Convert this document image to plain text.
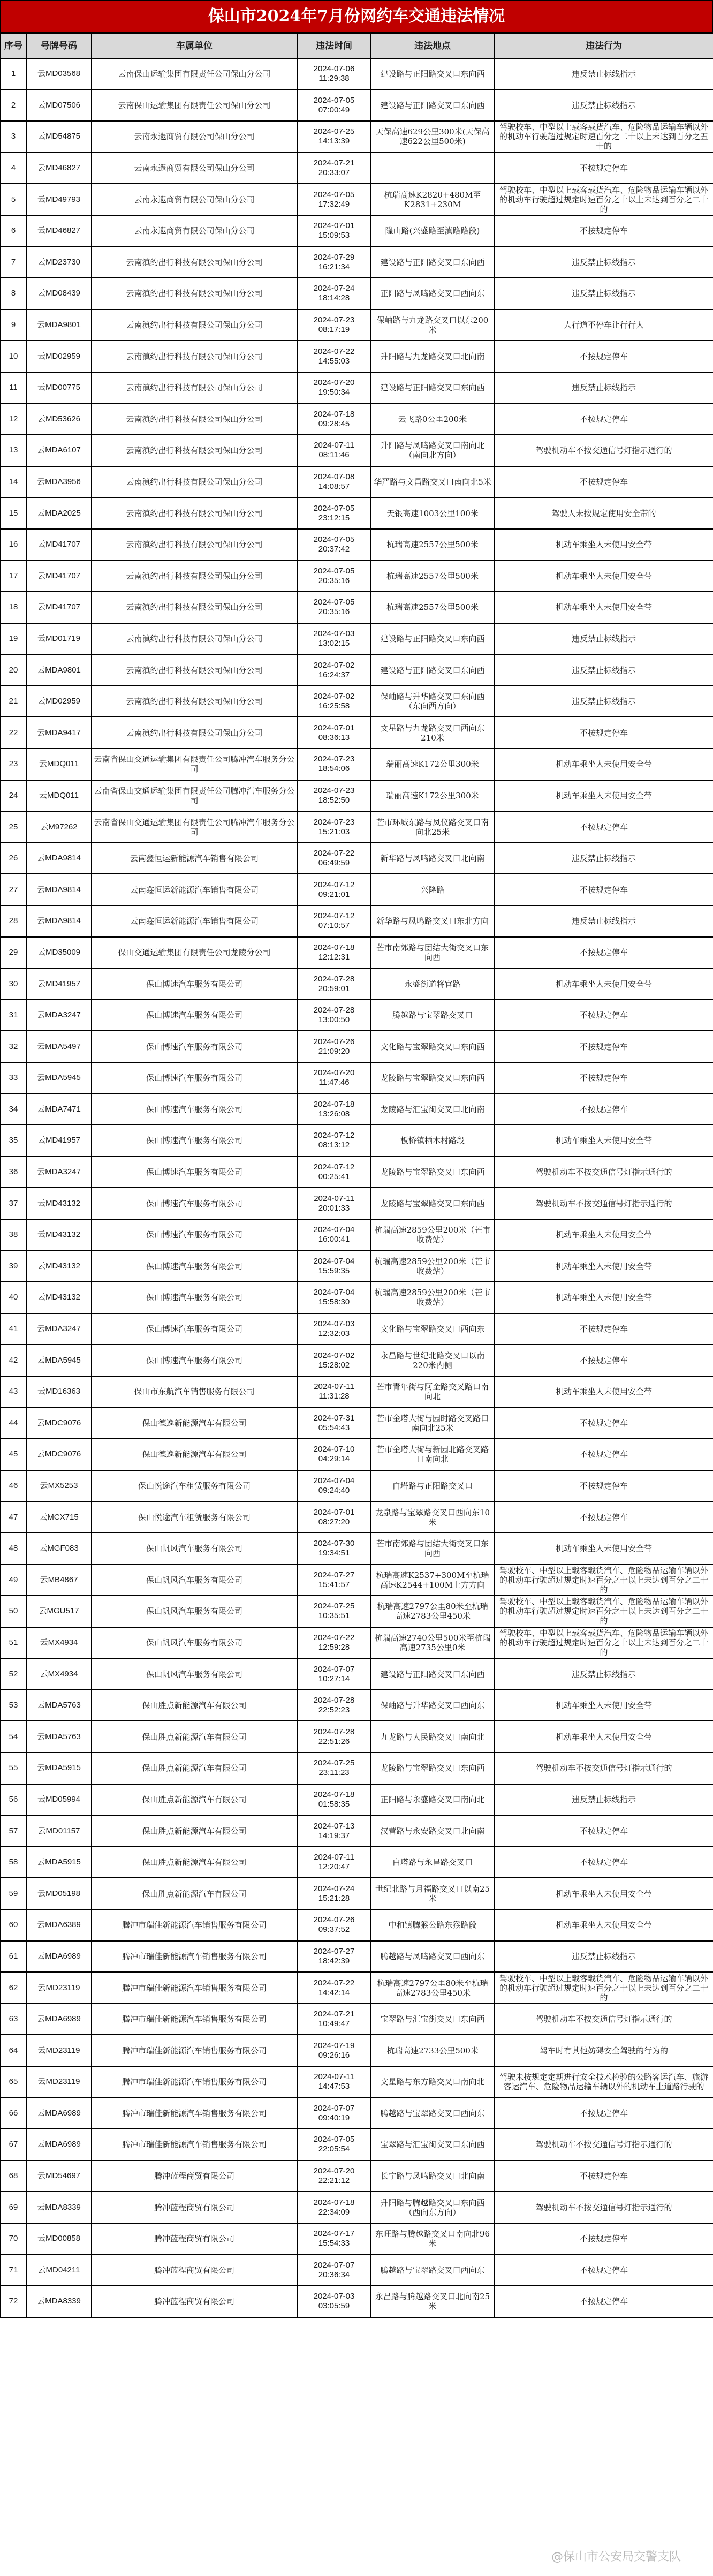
保山市2024年7月份网约车交通违法情况
序号	号牌号码	车属单位	违法时间	违法地点	违法行为
1	云MD03568	云南保山运输集团有限责任公司保山分公司	2024-07-06 11:29:38	建设路与正阳路交叉口东向西	违反禁止标线指示
2	云MD07506	云南保山运输集团有限责任公司保山分公司	2024-07-05 07:00:49	建设路与正阳路交叉口东向西	违反禁止标线指示
3	云MD54875	云南永遐商贸有限公司保山分公司	2024-07-25 14:13:39	天保高速629公里300米(天保高速622公里500米)	驾驶校车、中型以上载客载货汽车、危险物品运输车辆以外的机动车行驶超过规定时速百分之二十以上未达到百分之五十的
4	云MD46827	云南永遐商贸有限公司保山分公司	2024-07-21 20:33:07		不按规定停车
5	云MD49793	云南永遐商贸有限公司保山分公司	2024-07-05 17:32:49	杭瑞高速K2820+480M至K2831+230M	驾驶校车、中型以上载客载货汽车、危险物品运输车辆以外的机动车行驶超过规定时速百分之十以上未达到百分之二十的
6	云MD46827	云南永遐商贸有限公司保山分公司	2024-07-01 15:09:53	隆山路(兴盛路至滇路路段)	不按规定停车
7	云MD23730	云南滇约出行科技有限公司保山分公司	2024-07-29 16:21:34	建设路与正阳路交叉口东向西	违反禁止标线指示
8	云MD08439	云南滇约出行科技有限公司保山分公司	2024-07-24 18:14:28	正阳路与凤鸣路交叉口西向东	违反禁止标线指示
9	云MDA9801	云南滇约出行科技有限公司保山分公司	2024-07-23 08:17:19	保岫路与九龙路交叉口以东200米	人行道不停车让行行人
10	云MD02959	云南滇约出行科技有限公司保山分公司	2024-07-22 14:55:03	升阳路与九龙路交叉口北向南	不按规定停车
11	云MD00775	云南滇约出行科技有限公司保山分公司	2024-07-20 19:50:34	建设路与正阳路交叉口东向西	违反禁止标线指示
12	云MD53626	云南滇约出行科技有限公司保山分公司	2024-07-18 09:28:45	云飞路0公里200米	不按规定停车
13	云MDA6107	云南滇约出行科技有限公司保山分公司	2024-07-11 08:11:46	升阳路与凤鸣路交叉口南向北（南向北方向）	驾驶机动车不按交通信号灯指示通行的
14	云MDA3956	云南滇约出行科技有限公司保山分公司	2024-07-08 14:08:57	华严路与文昌路交叉口南向北5米	不按规定停车
15	云MDA2025	云南滇约出行科技有限公司保山分公司	2024-07-05 23:12:15	天银高速1003公里100米	驾驶人未按规定使用安全带的
16	云MD41707	云南滇约出行科技有限公司保山分公司	2024-07-05 20:37:42	杭瑞高速2557公里500米	机动车乘坐人未使用安全带
17	云MD41707	云南滇约出行科技有限公司保山分公司	2024-07-05 20:35:16	杭瑞高速2557公里500米	机动车乘坐人未使用安全带
18	云MD41707	云南滇约出行科技有限公司保山分公司	2024-07-05 20:35:16	杭瑞高速2557公里500米	机动车乘坐人未使用安全带
19	云MD01719	云南滇约出行科技有限公司保山分公司	2024-07-03 13:02:15	建设路与正阳路交叉口东向西	违反禁止标线指示
20	云MDA9801	云南滇约出行科技有限公司保山分公司	2024-07-02 16:24:37	建设路与正阳路交叉口东向西	违反禁止标线指示
21	云MD02959	云南滇约出行科技有限公司保山分公司	2024-07-02 16:25:58	保岫路与升华路交叉口东向西（东向西方向）	违反禁止标线指示
22	云MDA9417	云南滇约出行科技有限公司保山分公司	2024-07-01 08:36:13	文星路与九龙路交叉口西向东210米	不按规定停车
23	云MDQ011	云南省保山交通运输集团有限责任公司腾冲汽车服务分公司	2024-07-23 18:54:06	瑞丽高速K172公里300米	机动车乘坐人未使用安全带
24	云MDQ011	云南省保山交通运输集团有限责任公司腾冲汽车服务分公司	2024-07-23 18:52:50	瑞丽高速K172公里300米	机动车乘坐人未使用安全带
25	云M97262	云南省保山交通运输集团有限责任公司腾冲汽车服务分公司	2024-07-23 15:21:03	芒市环城东路与凤仪路交叉口南向北25米	不按规定停车
26	云MDA9814	云南鑫恒运新能源汽车销售有限公司	2024-07-22 06:49:59	新华路与凤鸣路交叉口北向南	违反禁止标线指示
27	云MDA9814	云南鑫恒运新能源汽车销售有限公司	2024-07-12 09:21:01	兴隆路	不按规定停车
28	云MDA9814	云南鑫恒运新能源汽车销售有限公司	2024-07-12 07:10:57	新华路与凤鸣路交叉口东北方向	违反禁止标线指示
29	云MD35009	保山交通运输集团有限责任公司龙陵分公司	2024-07-18 12:12:31	芒市南郊路与团结大街交叉口东向西	不按规定停车
30	云MD41957	保山博速汽车服务有限公司	2024-07-28 20:59:01	永盛街道将官路	机动车乘坐人未使用安全带
31	云MDA3247	保山博速汽车服务有限公司	2024-07-28 13:00:50	腾越路与宝翠路交叉口	不按规定停车
32	云MDA5497	保山博速汽车服务有限公司	2024-07-26 21:09:20	文化路与宝翠路交叉口东向西	不按规定停车
33	云MDA5945	保山博速汽车服务有限公司	2024-07-20 11:47:46	龙陵路与宝翠路交叉口东向西	不按规定停车
34	云MDA7471	保山博速汽车服务有限公司	2024-07-18 13:26:08	龙陵路与汇宝街交叉口北向南	不按规定停车
35	云MD41957	保山博速汽车服务有限公司	2024-07-12 08:13:12	板桥镇栖木村路段	机动车乘坐人未使用安全带
36	云MDA3247	保山博速汽车服务有限公司	2024-07-12 00:25:41	龙陵路与宝翠路交叉口东向西	驾驶机动车不按交通信号灯指示通行的
37	云MD43132	保山博速汽车服务有限公司	2024-07-11 20:01:33	龙陵路与宝翠路交叉口东向西	驾驶机动车不按交通信号灯指示通行的
38	云MD43132	保山博速汽车服务有限公司	2024-07-04 16:00:41	杭瑞高速2859公里200米（芒市收费站）	机动车乘坐人未使用安全带
39	云MD43132	保山博速汽车服务有限公司	2024-07-04 15:59:35	杭瑞高速2859公里200米（芒市收费站）	机动车乘坐人未使用安全带
40	云MD43132	保山博速汽车服务有限公司	2024-07-04 15:58:30	杭瑞高速2859公里200米（芒市收费站）	机动车乘坐人未使用安全带
41	云MDA3247	保山博速汽车服务有限公司	2024-07-03 12:32:03	文化路与宝翠路交叉口西向东	不按规定停车
42	云MDA5945	保山博速汽车服务有限公司	2024-07-02 15:28:02	永昌路与世纪北路交叉口以南220米内侧	不按规定停车
43	云MD16363	保山市东航汽车销售服务有限公司	2024-07-11 11:31:28	芒市青年街与阿金路交叉路口南向北	机动车乘坐人未使用安全带
44	云MDC9076	保山德逸新能源汽车有限公司	2024-07-31 05:54:43	芒市金塔大街与园时路交叉路口南向北25米	不按规定停车
45	云MDC9076	保山德逸新能源汽车有限公司	2024-07-10 04:29:14	芒市金塔大街与新园北路交叉路口南向北	不按规定停车
46	云MX5253	保山悦途汽车租赁服务有限公司	2024-07-04 09:24:40	白塔路与正阳路交叉口	不按规定停车
47	云MCX715	保山悦途汽车租赁服务有限公司	2024-07-01 08:27:20	龙泉路与宝翠路交叉口西向东10米	不按规定停车
48	云MGF083	保山帆风汽车服务有限公司	2024-07-30 19:34:51	芒市南郊路与团结大街交叉口东向西	机动车乘坐人未使用安全带
49	云MB4867	保山帆风汽车服务有限公司	2024-07-27 15:41:57	杭瑞高速K2537+300M至杭瑞高速K2544+100M上方方向	驾驶校车、中型以上载客载货汽车、危险物品运输车辆以外的机动车行驶超过规定时速百分之十以上未达到百分之二十的
50	云MGU517	保山帆风汽车服务有限公司	2024-07-25 10:35:51	杭瑞高速2797公里80米至杭瑞高速2783公里450米	驾驶校车、中型以上载客载货汽车、危险物品运输车辆以外的机动车行驶超过规定时速百分之十以上未达到百分之二十的
51	云MX4934	保山帆风汽车服务有限公司	2024-07-22 12:59:28	杭瑞高速2740公里500米至杭瑞高速2735公里0米	驾驶校车、中型以上载客载货汽车、危险物品运输车辆以外的机动车行驶超过规定时速百分之十以上未达到百分之二十的
52	云MX4934	保山帆风汽车服务有限公司	2024-07-07 10:27:14	建设路与正阳路交叉口东向西	违反禁止标线指示
53	云MDA5763	保山胜点新能源汽车有限公司	2024-07-28 22:52:23	保岫路与升华路交叉口西向东	机动车乘坐人未使用安全带
54	云MDA5763	保山胜点新能源汽车有限公司	2024-07-28 22:51:26	九龙路与人民路交叉口南向北	机动车乘坐人未使用安全带
55	云MDA5915	保山胜点新能源汽车有限公司	2024-07-25 23:11:23	龙陵路与宝翠路交叉口东向西	驾驶机动车不按交通信号灯指示通行的
56	云MD05994	保山胜点新能源汽车有限公司	2024-07-18 01:58:35	正阳路与永盛路交叉口南向北	违反禁止标线指示
57	云MD01157	保山胜点新能源汽车有限公司	2024-07-13 14:19:37	汉营路与永安路交叉口北向南	不按规定停车
58	云MDA5915	保山胜点新能源汽车有限公司	2024-07-11 12:20:47	白塔路与永昌路交叉口	不按规定停车
59	云MD05198	保山胜点新能源汽车有限公司	2024-07-24 15:21:28	世纪北路与月福路交叉口以南25米	机动车乘坐人未使用安全带
60	云MDA6389	腾冲市瑞佳新能源汽车销售服务有限公司	2024-07-26 09:37:52	中和镇腾猴公路东猴路段	机动车乘坐人未使用安全带
61	云MDA6989	腾冲市瑞佳新能源汽车销售服务有限公司	2024-07-27 18:42:39	腾越路与凤鸣路交叉口西向东	违反禁止标线指示
62	云MD23119	腾冲市瑞佳新能源汽车销售服务有限公司	2024-07-22 14:42:14	杭瑞高速2797公里80米至杭瑞高速2783公里450米	驾驶校车、中型以上载客载货汽车、危险物品运输车辆以外的机动车行驶超过规定时速百分之十以上未达到百分之二十的
63	云MDA6989	腾冲市瑞佳新能源汽车销售服务有限公司	2024-07-21 10:49:47	宝翠路与汇宝街交叉口东向西	驾驶机动车不按交通信号灯指示通行的
64	云MD23119	腾冲市瑞佳新能源汽车销售服务有限公司	2024-07-19 09:26:16	杭瑞高速2733公里500米	驾车时有其他妨碍安全驾驶的行为的
65	云MD23119	腾冲市瑞佳新能源汽车销售服务有限公司	2024-07-11 14:47:53	文星路与东方路交叉口南向北	驾驶未按规定定期进行安全技术检验的公路客运汽车、旅游客运汽车、危险物品运输车辆以外的机动车上道路行驶的
66	云MDA6989	腾冲市瑞佳新能源汽车销售服务有限公司	2024-07-07 09:40:19	腾越路与宝翠路交叉口西向东	不按规定停车
67	云MDA6989	腾冲市瑞佳新能源汽车销售服务有限公司	2024-07-05 22:05:54	宝翠路与汇宝街交叉口东向西	驾驶机动车不按交通信号灯指示通行的
68	云MD54697	腾冲蓝程商贸有限公司	2024-07-20 22:21:12	长宁路与凤鸣路交叉口北向南	不按规定停车
69	云MDA8339	腾冲蓝程商贸有限公司	2024-07-18 22:34:09	升阳路与腾越路交叉口东向西（西向东方向）	驾驶机动车不按交通信号灯指示通行的
70	云MD00858	腾冲蓝程商贸有限公司	2024-07-17 15:54:33	东旺路与腾越路交叉口南向北96米	不按规定停车
71	云MD04211	腾冲蓝程商贸有限公司	2024-07-07 20:36:34	腾越路与宝翠路交叉口西向东	不按规定停车
72	云MDA8339	腾冲蓝程商贸有限公司	2024-07-03 03:05:59	永昌路与腾越路交叉口北向南25米	不按规定停车
@保山市公安局交警支队
